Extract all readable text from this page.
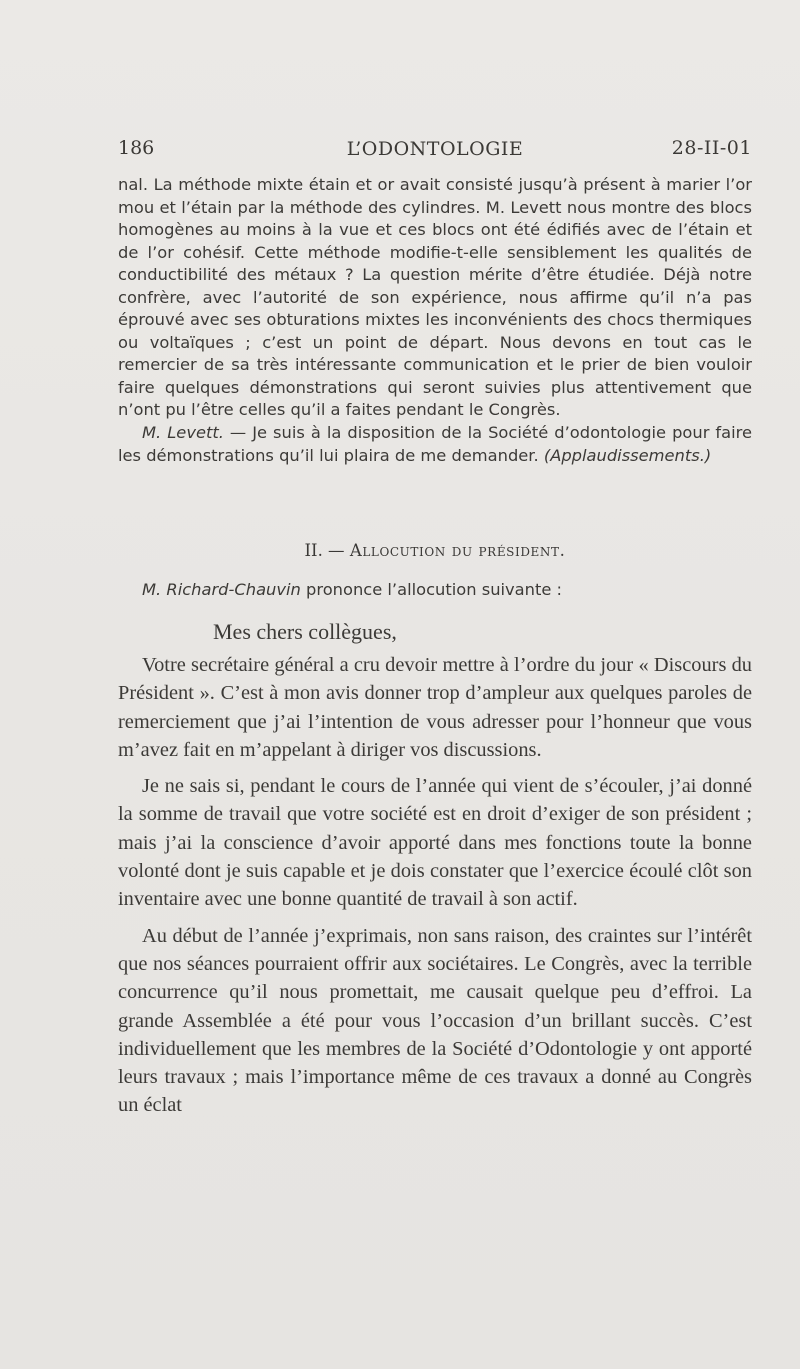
186	L’ODONTOLOGIE	28-II-01

nal. La méthode mixte étain et or avait consisté jusqu’à présent à marier l’or mou et l’étain par la méthode des cylindres. M. Levett nous montre des blocs homogènes au moins à la vue et ces blocs ont été édifiés avec de l’étain et de l’or cohésif. Cette méthode modifie-t-elle sensiblement les qualités de conductibilité des métaux ? La question mérite d’être étudiée. Déjà notre confrère, avec l’autorité de son expérience, nous affirme qu’il n’a pas éprouvé avec ses obturations mixtes les inconvénients des chocs thermiques ou voltaïques ; c’est un point de départ. Nous devons en tout cas le remercier de sa très intéressante communication et le prier de bien vouloir faire quelques démonstrations qui seront suivies plus attentivement que n’ont pu l’être celles qu’il a faites pendant le Congrès.

M. Levett. — Je suis à la disposition de la Société d’odontologie pour faire les démonstrations qu’il lui plaira de me demander. (Applaudissements.)

II. — Allocution du président.
M. Richard-Chauvin prononce l’allocution suivante :
Mes chers collègues,

Votre secrétaire général a cru devoir mettre à l’ordre du jour « Discours du Président ». C’est à mon avis donner trop d’ampleur aux quelques paroles de remerciement que j’ai l’intention de vous adresser pour l’honneur que vous m’avez fait en m’appelant à diriger vos discussions.

Je ne sais si, pendant le cours de l’année qui vient de s’écouler, j’ai donné la somme de travail que votre société est en droit d’exiger de son président ; mais j’ai la conscience d’avoir apporté dans mes fonctions toute la bonne volonté dont je suis capable et je dois constater que l’exercice écoulé clôt son inventaire avec une bonne quantité de travail à son actif.

Au début de l’année j’exprimais, non sans raison, des craintes sur l’intérêt que nos séances pourraient offrir aux sociétaires. Le Congrès, avec la terrible concurrence qu’il nous promettait, me causait quelque peu d’effroi. La grande Assemblée a été pour vous l’occasion d’un brillant succès. C’est individuellement que les membres de la Société d’Odontologie y ont apporté leurs travaux ; mais l’importance même de ces travaux a donné au Congrès un éclat
